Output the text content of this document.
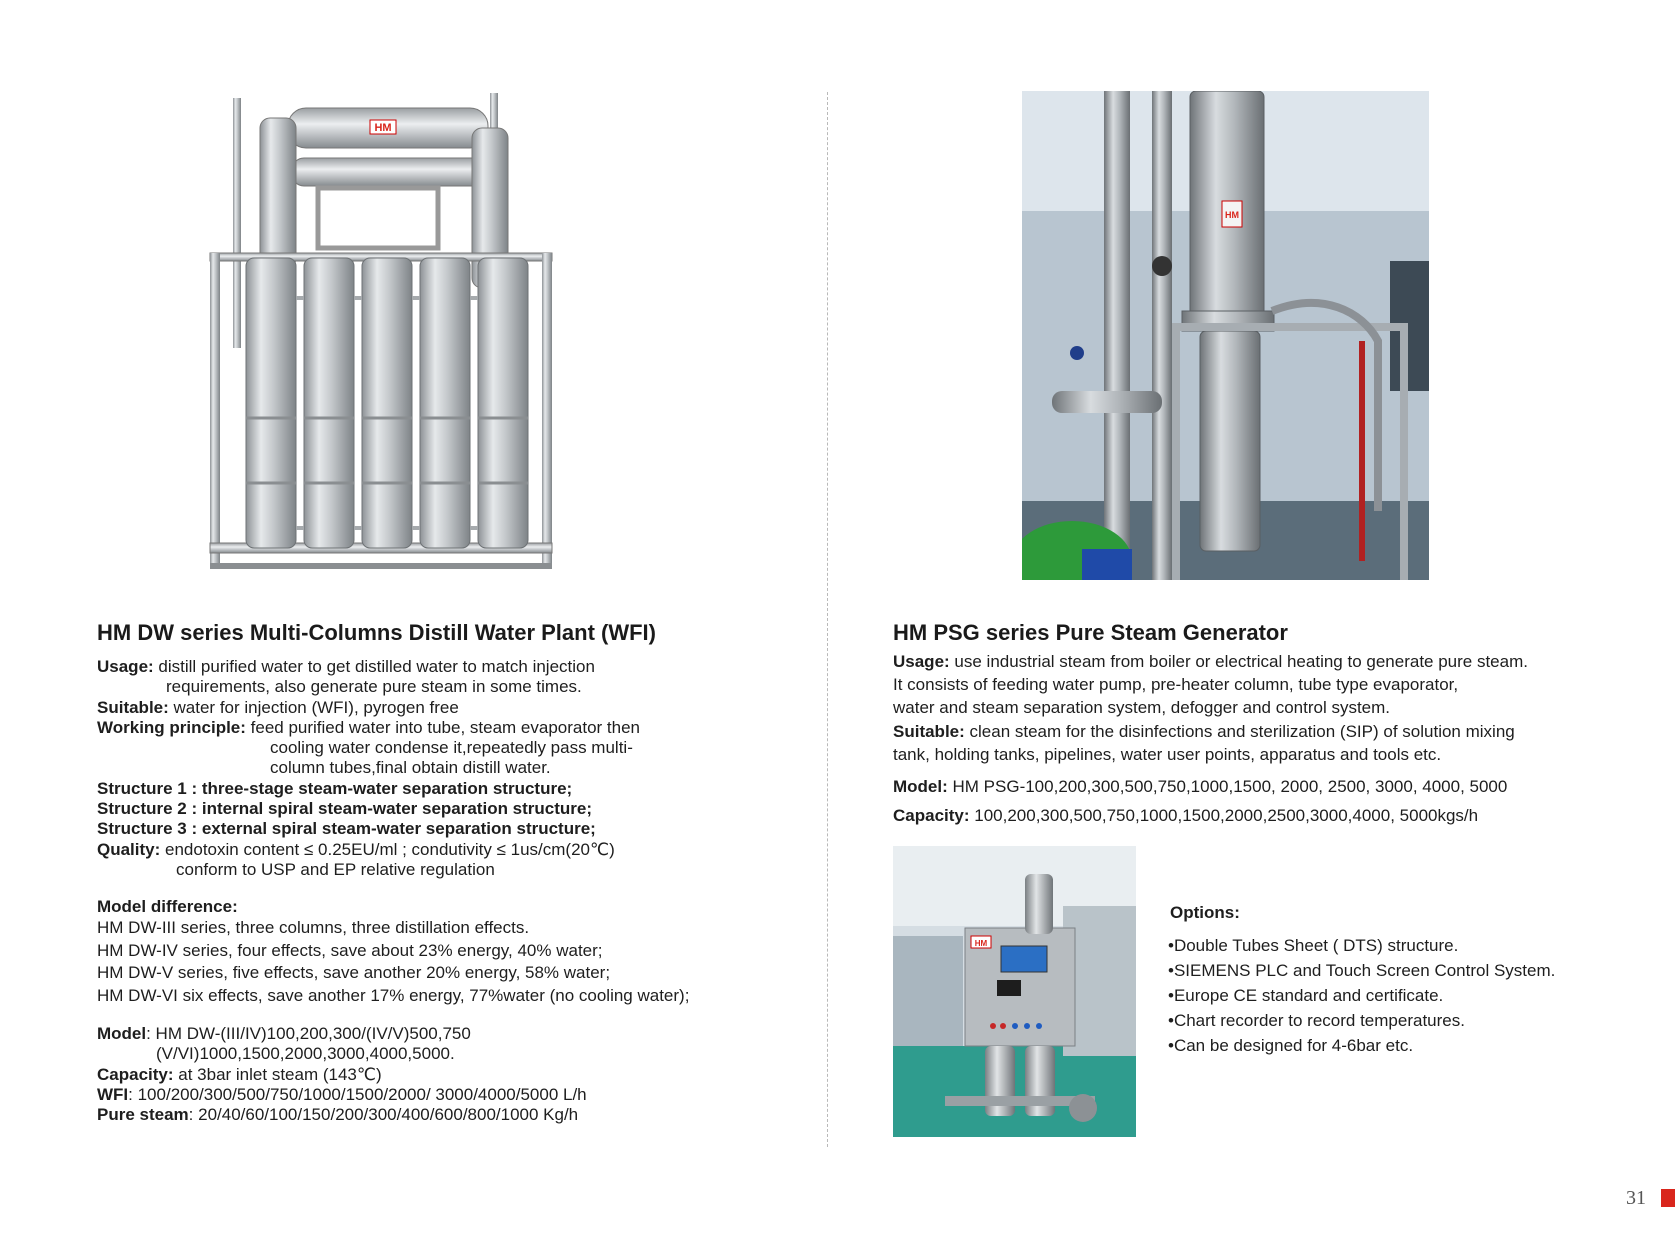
HM
HM DW series Multi-Columns Distill Water Plant (WFI)
Usage: distill purified water to get distilled water to match injection
requirements, also generate pure steam in some times.
Suitable: water for injection (WFI), pyrogen free
Working principle: feed purified water into tube, steam evaporator then
cooling water condense it,repeatedly pass multi-
column tubes,final obtain distill water.
Structure 1 : three-stage steam-water separation structure;
Structure 2 : internal spiral steam-water separation structure;
Structure 3 : external spiral steam-water separation structure;
Quality: endotoxin content ≤ 0.25EU/ml ; condutivity ≤ 1us/cm(20℃)
conform to USP and EP relative regulation
Model difference:
HM DW-III series, three columns, three distillation effects.
HM DW-IV series, four effects, save about 23% energy, 40% water;
HM DW-V series, five effects, save another 20% energy, 58% water;
HM DW-VI six effects, save another 17% energy, 77%water (no cooling water);
Model: HM DW-(III/IV)100,200,300/(IV/V)500,750
(V/VI)1000,1500,2000,3000,4000,5000.
Capacity: at 3bar inlet steam (143℃)
WFI: 100/200/300/500/750/1000/1500/2000/ 3000/4000/5000 L/h
Pure steam: 20/40/60/100/150/200/300/400/600/800/1000 Kg/h
HM
HM PSG series Pure Steam Generator
Usage: use industrial steam from boiler or electrical heating to generate pure steam.
It consists of feeding water pump, pre-heater column, tube type evaporator,
water and steam separation system, defogger and control system.
Suitable: clean steam for the disinfections and sterilization (SIP) of solution mixing
tank, holding tanks, pipelines, water user points, apparatus and tools etc.
Model: HM PSG-100,200,300,500,750,1000,1500, 2000, 2500, 3000, 4000, 5000
Capacity: 100,200,300,500,750,1000,1500,2000,2500,3000,4000, 5000kgs/h
HM
Options:
•Double Tubes Sheet ( DTS) structure.
•SIEMENS PLC and Touch Screen Control System.
•Europe CE standard and certificate.
•Chart recorder to record temperatures.
•Can be designed for 4-6bar etc.
31
